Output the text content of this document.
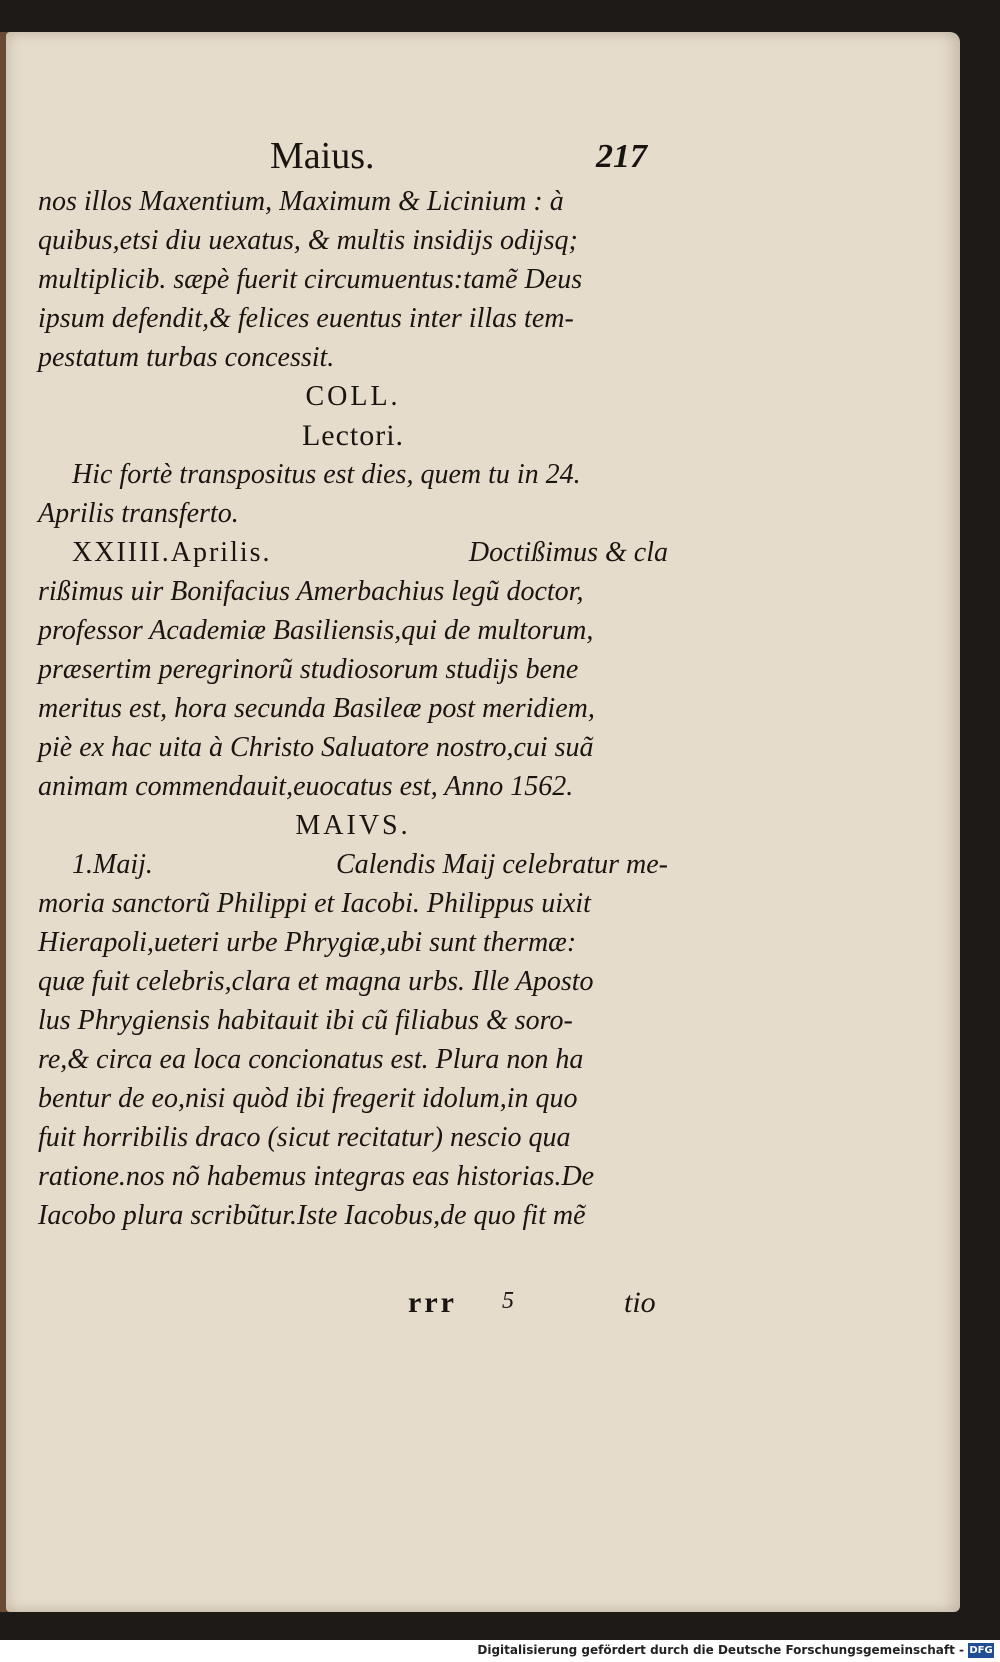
Maius.	217
nos illos Maxentium, Maximum & Licinium : à
quibus,etsi diu uexatus, & multis insidijs odijsq;
multiplicib. sæpè fuerit circumuentus:tamẽ Deus
ipsum defendit,& felices euentus inter illas tem-
pestatum turbas concessit.
COLL.
Lectori.
Hic fortè transpositus est dies, quem tu in 24.
Aprilis transferto.
XXIIII.Aprilis.	Doctißimus & cla
rißimus uir Bonifacius Amerbachius legũ doctor,
professor Academiæ Basiliensis,qui de multorum,
præsertim peregrinorũ studiosorum studijs bene
meritus est, hora secunda Basileæ post meridiem,
piè ex hac uita à Christo Saluatore nostro,cui suã
animam commendauit,euocatus est, Anno 1562.
MAIVS.
1.Maij.	Calendis Maij celebratur me-
moria sanctorũ Philippi et Iacobi. Philippus uixit
Hierapoli,ueteri urbe Phrygiæ,ubi sunt thermæ:
quæ fuit celebris,clara et magna urbs. Ille Aposto
lus Phrygiensis habitauit ibi cũ filiabus & soro-
re,& circa ea loca concionatus est. Plura non ha
bentur de eo,nisi quòd ibi fregerit idolum,in quo
fuit horribilis draco (sicut recitatur) nescio qua
ratione.nos nõ habemus integras eas historias.De
Iacobo plura scribũtur.Iste Iacobus,de quo fit mẽ
rrr 5	tio
Digitalisierung gefördert durch die Deutsche Forschungsgemeinschaft - DFG
